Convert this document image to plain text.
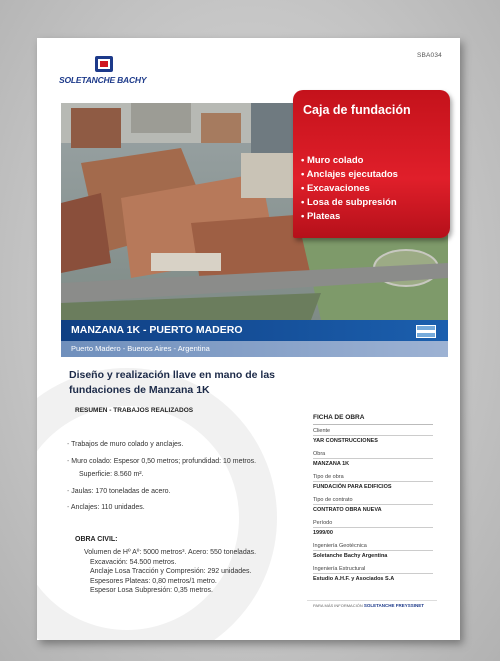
SBA034
SOLETANCHE BACHY
Caja de fundación
• Muro colado
• Anclajes ejecutados
• Excavaciones
• Losa de subpresión
• Plateas
MANZANA 1K - PUERTO MADERO
Puerto Madero - Buenos Aires - Argentina
Diseño y realización llave en mano de las
fundaciones de Manzana 1K
RESUMEN - TRABAJOS REALIZADOS
- Trabajos de muro colado y anclajes.
- Muro colado: Espesor 0,50 metros; profundidad: 10 metros.
Superficie: 8.560 m².
- Jaulas: 170 toneladas de acero.
- Anclajes: 110 unidades.
OBRA CIVIL:
Volumen de Hº Aº: 5000 metros³. Acero: 550 toneladas.
Excavación: 54.500 metros.
Anclaje Losa Tracción y Compresión: 292 unidades.
Espesores Plateas: 0,80 metros/1 metro.
Espesor Losa Subpresión: 0,35 metros.
FICHA DE OBRA
Cliente
YAR CONSTRUCCIONES
Obra
MANZANA 1K
Tipo de obra
FUNDACIÓN PARA EDIFICIOS
Tipo de contrato
CONTRATO OBRA NUEVA
Período
1999/00
Ingeniería Geotécnica
Soletanche Bachy Argentina
Ingeniería Estructural
Estudio A.H.F. y Asociados S.A
PARA MÁS INFORMACIÓN SOLETANCHE FREYSSINET
